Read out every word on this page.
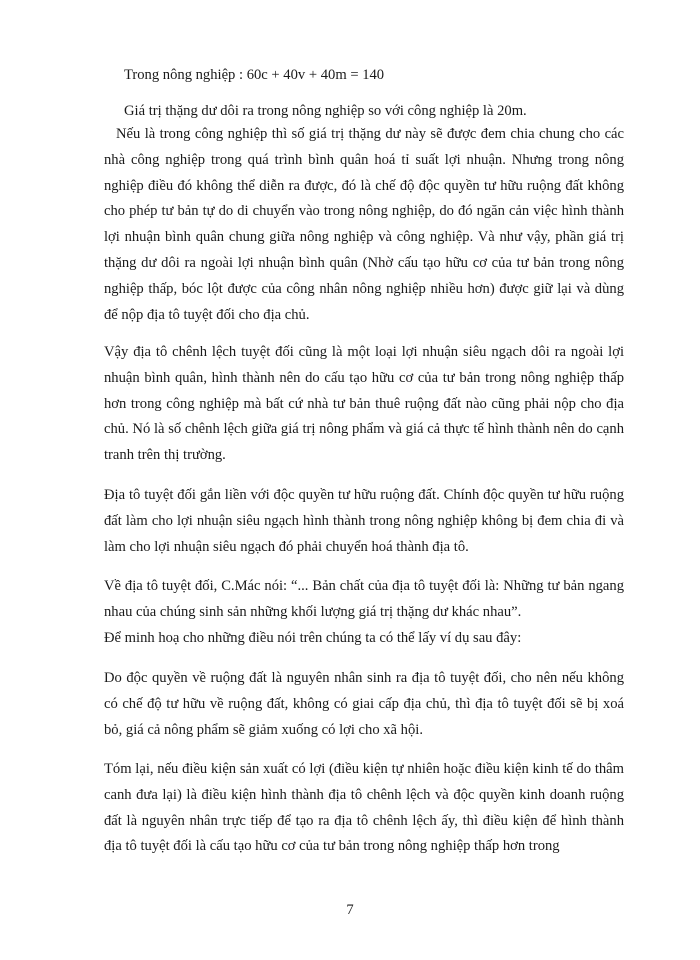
Trong nông nghiệp : 60c + 40v + 40m = 140

Giá trị thặng dư dôi ra trong nông nghiệp so với công nghiệp là 20m.

Nếu là trong công nghiệp thì số giá trị thặng dư này sẽ được đem chia chung cho các nhà công nghiệp trong quá trình bình quân hoá tỉ suất lợi nhuận. Nhưng trong nông nghiệp điều đó không thể diễn ra được, đó là chế độ độc quyền tư hữu ruộng đất không cho phép tư bản tự do di chuyển vào trong nông nghiệp, do đó ngăn cản việc hình thành lợi nhuận bình quân chung giữa nông nghiệp và công nghiệp. Và như vậy, phần giá trị thặng dư dôi ra ngoài lợi nhuận bình quân (Nhờ cấu tạo hữu cơ của tư bản trong nông nghiệp thấp, bóc lột được của công nhân nông nghiệp nhiều hơn) được giữ lại và dùng để nộp địa tô tuyệt đối cho địa chủ.

Vậy địa tô chênh lệch tuyệt đối cũng là một loại lợi nhuận siêu ngạch dôi ra ngoài lợi nhuận bình quân, hình thành nên do cấu tạo hữu cơ của tư bản trong nông nghiệp thấp hơn trong công nghiệp mà bất cứ nhà tư bản thuê ruộng đất nào cũng phải nộp cho địa chủ. Nó là số chênh lệch giữa giá trị nông phẩm và giá cả thực tế hình thành nên do cạnh tranh trên thị trường.

Địa tô tuyệt đối gắn liền với độc quyền tư hữu ruộng đất. Chính độc quyền tư hữu ruộng đất làm cho lợi nhuận siêu ngạch hình thành trong nông nghiệp không bị đem chia đi và làm cho lợi nhuận siêu ngạch đó phải chuyển hoá thành địa tô.

Về địa tô tuyệt đối, C.Mác nói: “... Bản chất của địa tô tuyệt đối là: Những tư bản ngang nhau của chúng sinh sản những khối lượng giá trị thặng dư khác nhau”.

Để minh hoạ cho những điều nói trên chúng ta có thể lấy ví dụ sau đây:

Do độc quyền về ruộng đất là nguyên nhân sinh ra địa tô tuyệt đối, cho nên nếu không có chế độ tư hữu về ruộng đất, không có giai cấp địa chủ, thì địa tô tuyệt đối sẽ bị xoá bỏ, giá cả nông phẩm sẽ giảm xuống có lợi cho xã hội.

Tóm lại, nếu điều kiện sản xuất có lợi (điều kiện tự nhiên hoặc điều kiện kinh tế do thâm canh đưa lại) là điều kiện hình thành địa tô chênh lệch và độc quyền kinh doanh ruộng đất là nguyên nhân trực tiếp để tạo ra địa tô chênh lệch ấy, thì điều kiện để hình thành địa tô tuyệt đối là cấu tạo hữu cơ của tư bản trong nông nghiệp thấp hơn trong

7
